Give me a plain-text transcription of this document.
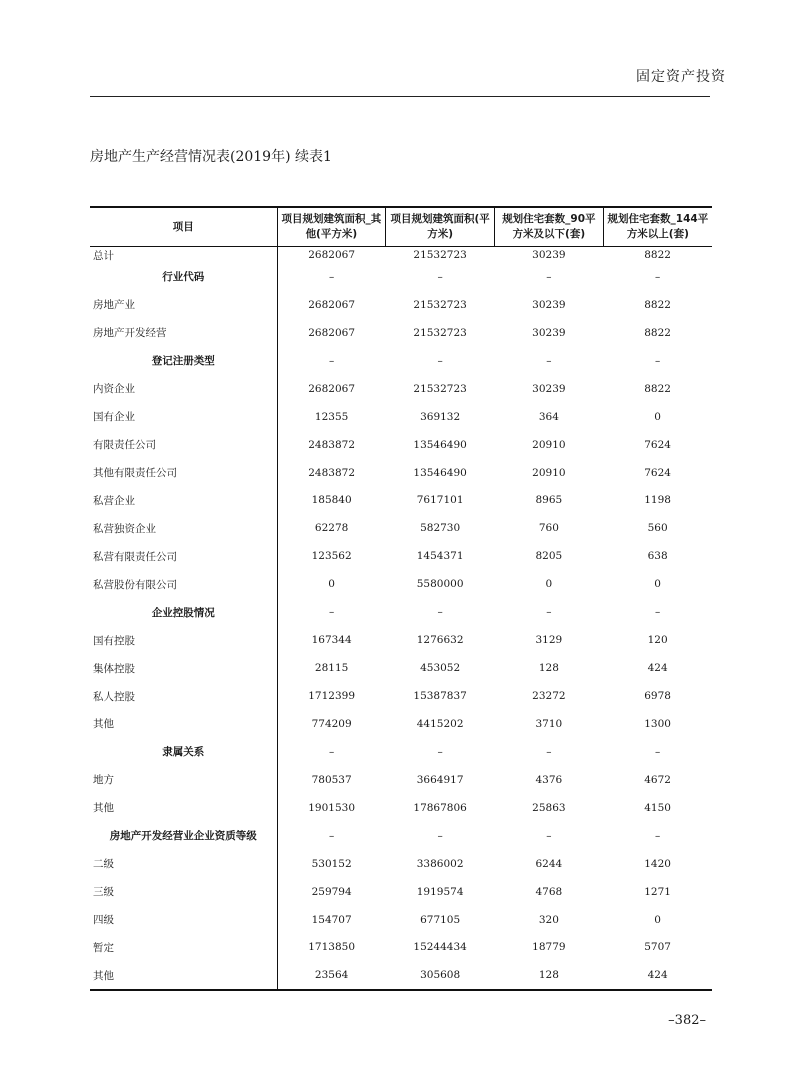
固定资产投资
房地产生产经营情况表(2019年) 续表1
项目	项目规划建筑面积_其他(平方米)	项目规划建筑面积(平方米)	规划住宅套数_90平方米及以下(套)	规划住宅套数_144平方米以上(套)
总计	2682067	21532723	30239	8822
行业代码	–	–	–	–
房地产业	2682067	21532723	30239	8822
房地产开发经营	2682067	21532723	30239	8822
登记注册类型	–	–	–	–
内资企业	2682067	21532723	30239	8822
国有企业	12355	369132	364	0
有限责任公司	2483872	13546490	20910	7624
其他有限责任公司	2483872	13546490	20910	7624
私营企业	185840	7617101	8965	1198
私营独资企业	62278	582730	760	560
私营有限责任公司	123562	1454371	8205	638
私营股份有限公司	0	5580000	0	0
企业控股情况	–	–	–	–
国有控股	167344	1276632	3129	120
集体控股	28115	453052	128	424
私人控股	1712399	15387837	23272	6978
其他	774209	4415202	3710	1300
隶属关系	–	–	–	–
地方	780537	3664917	4376	4672
其他	1901530	17867806	25863	4150
房地产开发经营业企业资质等级	–	–	–	–
二级	530152	3386002	6244	1420
三级	259794	1919574	4768	1271
四级	154707	677105	320	0
暂定	1713850	15244434	18779	5707
其他	23564	305608	128	424
–382–
